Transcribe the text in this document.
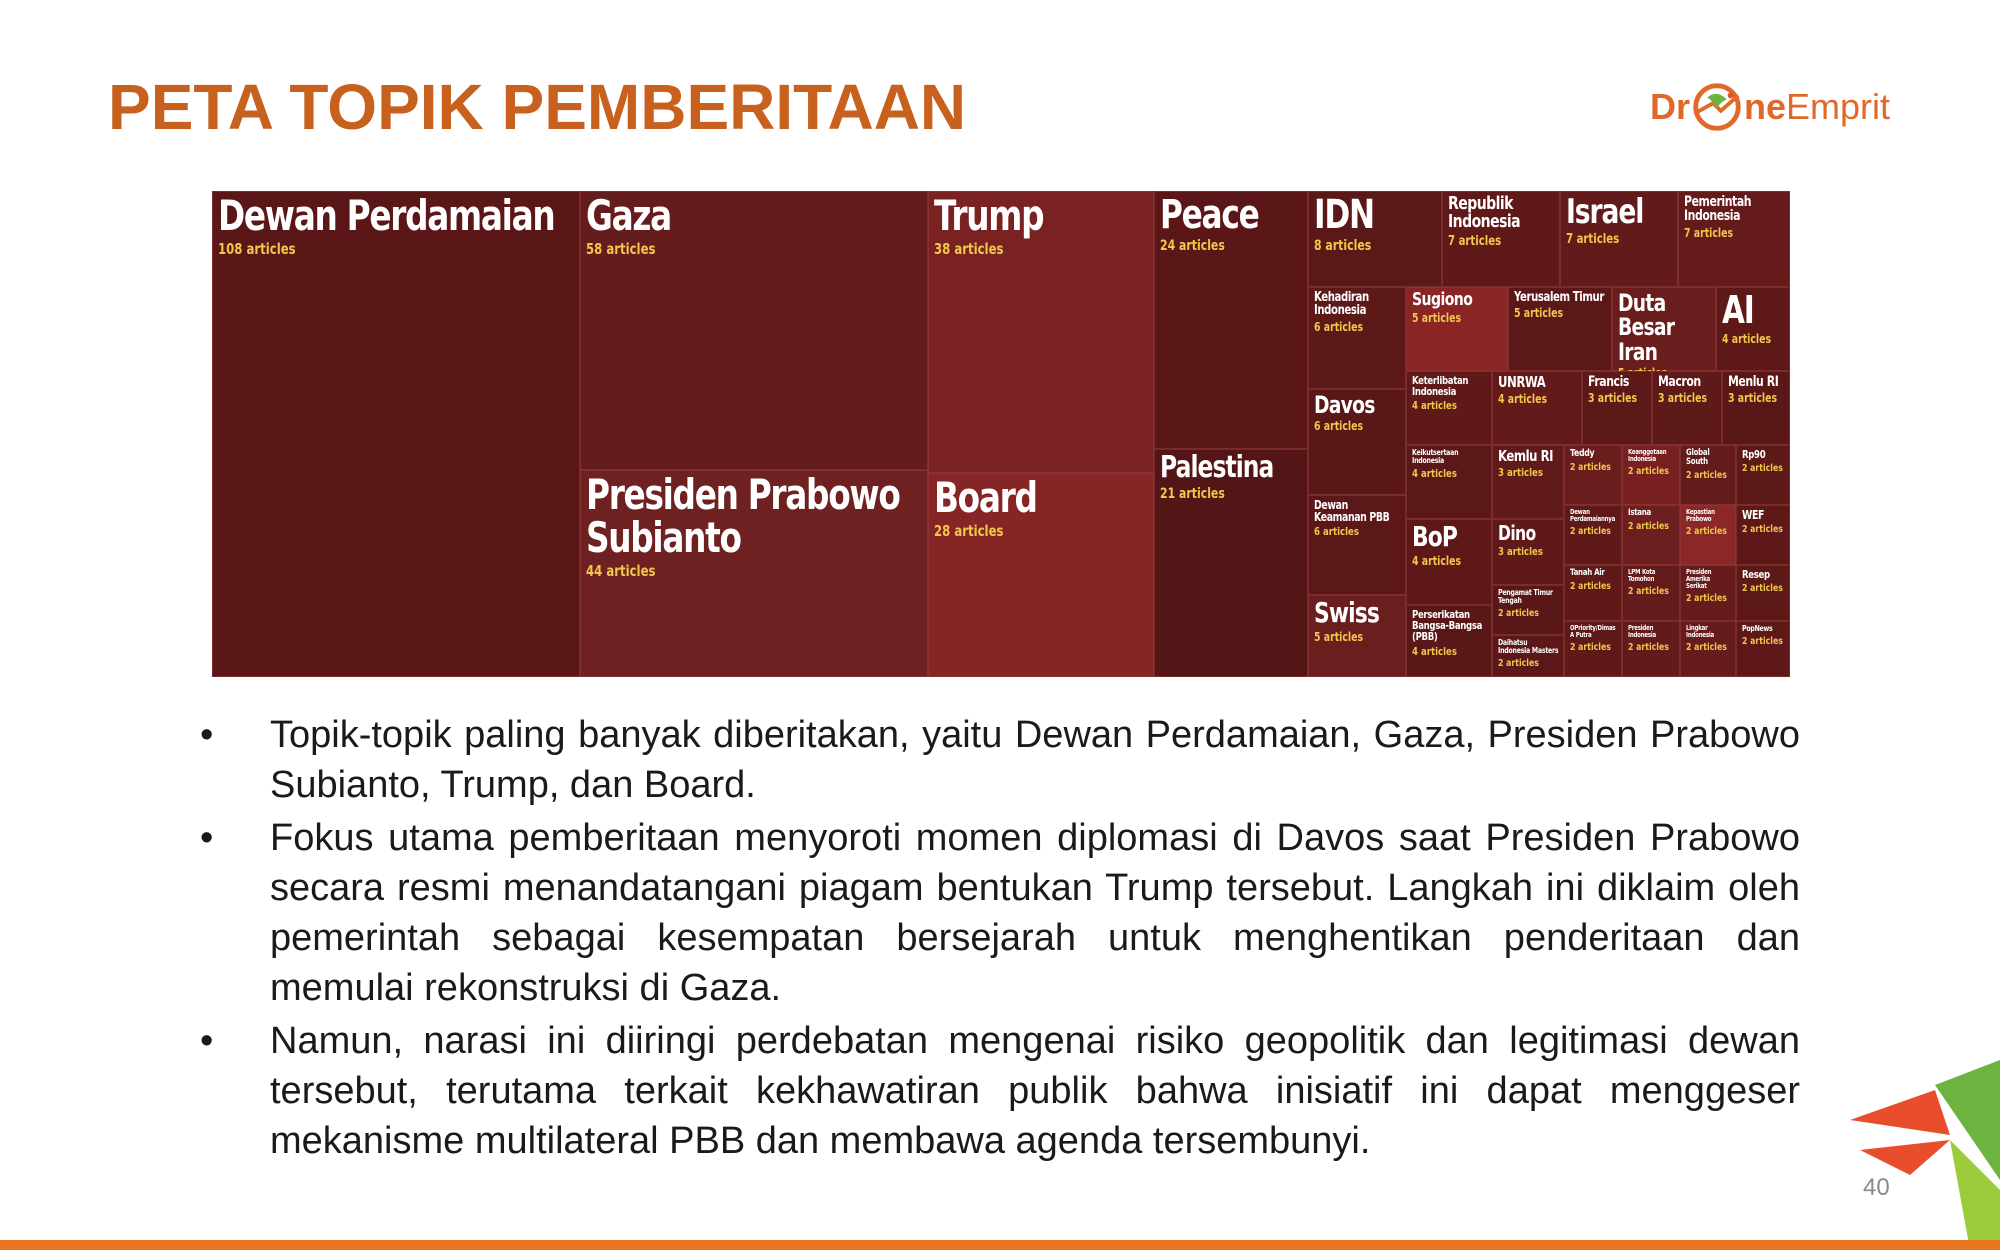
PETA TOPIK PEMBERITAAN	Dr ne Emprit
Dewan Perdamaian
108 articles
Gaza
58 articles
Presiden Prabowo Subianto
44 articles
Trump
38 articles
Board
28 articles
Peace
24 articles
Palestina
21 articles
IDN
8 articles
Republik Indonesia
7 articles
Israel
7 articles
Pemerintah Indonesia
7 articles
Kehadiran Indonesia
6 articles
Davos
6 articles
Dewan Keamanan PBB
6 articles
Swiss
5 articles
Sugiono
5 articles
Yerusalem Timur
5 articles	Duta Besar Iran
AI
4 articles
Keterlibatan Indonesia
4 articles
UNRWA
4 articles
Francis
3 articles
Macron
3 articles
Menlu RI
3 articles
Keikutsertaan Indonesia
4 articles
BoP
4 articles
Perserikatan Bangsa-Bangsa (PBB)
4 articles
Kemlu RI
3 articles
Dino
3 articles
Pengamat Timur Tengah
2 articles
Daihatsu Indonesia Masters
2 articles
Teddy
2 articles
Keanggotaan Indonesia
2 articles
Global South
2 articles
Rp90
2 articles
Dewan Perdamaiannya
2 articles
Istana
2 articles
Kepastian Prabowo
2 articles
WEF
2 articles
Tanah Air
2 articles
LPM Kota Tomohon
2 articles
Presiden Amerika Serikat
2 articles
Resep
2 articles
OPriority/Dimas A Putra
2 articles
Presiden Indonesia
2 articles
Lingkar Indonesia
2 articles
PopNews
2 articles
•	Topik-topik paling banyak diberitakan, yaitu Dewan Perdamaian, Gaza, Presiden Prabowo Subianto, Trump, dan Board.
•	Fokus utama pemberitaan menyoroti momen diplomasi di Davos saat Presiden Prabowo secara resmi menandatangani piagam bentukan Trump tersebut. Langkah ini diklaim oleh pemerintah sebagai kesempatan bersejarah untuk menghentikan penderitaan dan memulai rekonstruksi di Gaza.
•	Namun, narasi ini diiringi perdebatan mengenai risiko geopolitik dan legitimasi dewan tersebut, terutama terkait kekhawatiran publik bahwa inisiatif ini dapat menggeser mekanisme multilateral PBB dan membawa agenda tersembunyi.
40
